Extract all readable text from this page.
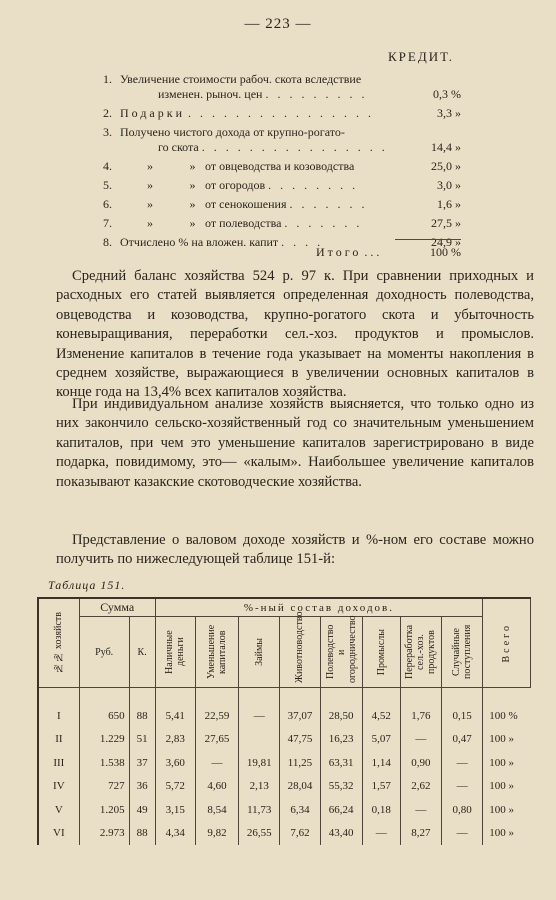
— 223 —
КРЕДИТ.
1. Увеличение стоимости рабоч. скота вследствие
изменен. рыноч. цен . . . . . . . . .	0,3 %
2. Подарки . . . . . . . . . . . . . . . .	3,3 »
3. Получено чистого дохода от крупно-рогато-
го скота . . . . . . . . . . . . . . . .	14,4 »
4.	»	» от овцеводства и козоводства	25,0 »
5.	»	» от огородов . . . . . . . .	3,0 »
6.	»	» от сенокошения . . . . . . .	1,6 »
7.	»	» от полеводства . . . . . . .	27,5 »
8. Отчислено % на вложен. капит . . . .	24,9 »
Итого . . .	100 %

Средний баланс хозяйства 524 р. 97 к. При сравнении приходных и расходных его статей выявляется определенная доходность полеводства, овцеводства и козоводства, крупно-рогатого скота и убыточность коневыращивания, переработки сел.-хоз. продуктов и промыслов. Изменение капиталов в течение года указывает на моменты накопления в среднем хозяйстве, выражающиеся в увеличении основных капиталов в конце года на 13,4% всех капиталов хозяйства.

При индивидуальном анализе хозяйств выясняется, что только одно из них закончило сельско-хозяйственный год со значительным уменьшением капиталов, при чем это уменьшение капиталов зарегистрировано в виде подарка, повидимому, это— «калым». Наибольшее увеличение капиталов показывают казакские скотоводческие хозяйства.

Представление о валовом доходе хозяйств и %-ном его составе можно получить по нижеследующей таблице 151-й:

Таблица 151.
№№ хозяйств	Сумма		%-ный состав доходов.								Всего

			Наличные деньги	Уменьшение капиталов	Займы	Животноводство	Полеводство и огородничество	Промыслы	Переработка сел.-хоз. продуктов	Случайные поступления	

	Руб.	К.									
I	650	88	5,41	22,59	—	37,07	28,50	4,52	1,76	0,15	100 %
II	1.229	51	2,83	27,65		47,75	16,23	5,07	—	0,47	100 »
III	1.538	37	3,60	—	19,81	11,25	63,31	1,14	0,90	—	100 »
IV	727	36	5,72	4,60	2,13	28,04	55,32	1,57	2,62	—	100 »
V	1.205	49	3,15	8,54	11,73	6,34	66,24	0,18	—	0,80	100 »
VI	2.973	88	4,34	9,82	26,55	7,62	43,40	—	8,27	—	100 »
